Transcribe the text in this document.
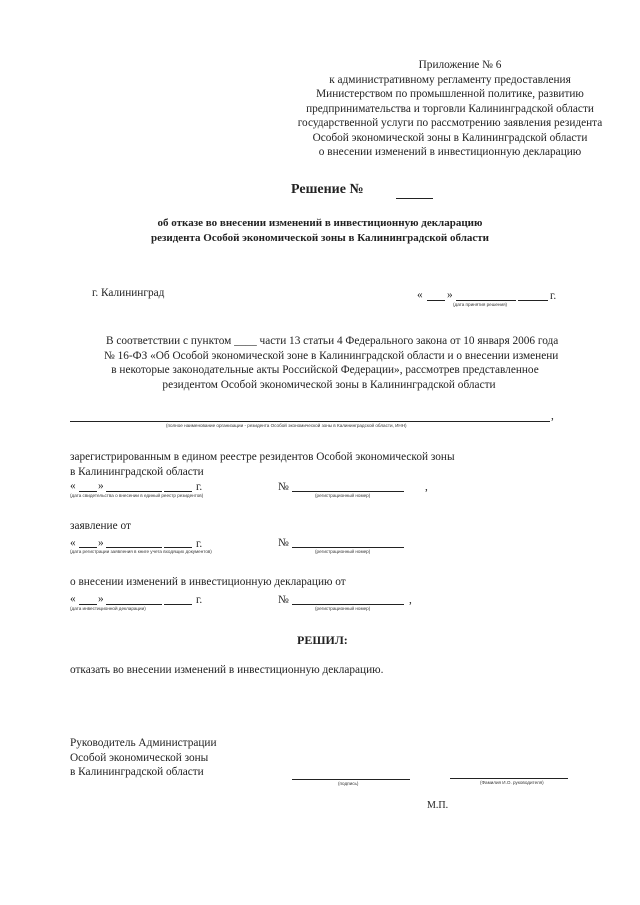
Приложение № 6
к административному регламенту предоставления
Министерством по промышленной политике, развитию
предпринимательства и торговли Калининградской области
государственной услуги по рассмотрению заявления резидента
Особой экономической зоны в Калининградской области
о внесении изменений в инвестиционную декларацию
Решение №
об отказе во внесении изменений в инвестиционную декларацию
резидента Особой экономической зоны в Калининградской области
г. Калининград	« »	г.
(дата принятия решения)
В соответствии с пунктом ____ части 13 статьи 4 Федерального закона от 10 января 2006 года
№ 16-ФЗ «Об Особой экономической зоне в Калининградской области и о внесении изменени
в некоторые законодательные акты Российской Федерации», рассмотрев представленное
резидентом Особой экономической зоны в Калининградской области
,
(полное наименование организации - резидента Особой экономической зоны в Калининградской области, ИНН)
зарегистрированным в едином реестре резидентов Особой экономической зоны
в Калининградской области
« »	г.
(дата свидетельства о внесении в единый реестр резидентов)
№	,
(регистрационный номер)
заявление от
« »	г.
(дата регистрации заявления в книге учета входящих документов)
№
(регистрационный номер)
о внесении изменений в инвестиционную декларацию от
« »	г.
(дата инвестиционной декларации)
№	,
(регистрационный номер)
РЕШИЛ:
отказать во внесении изменений в инвестиционную декларацию.
Руководитель Администрации
Особой экономической зоны
в Калининградской области
(подпись)	(Фамилия И.О. руководителя)
М.П.
